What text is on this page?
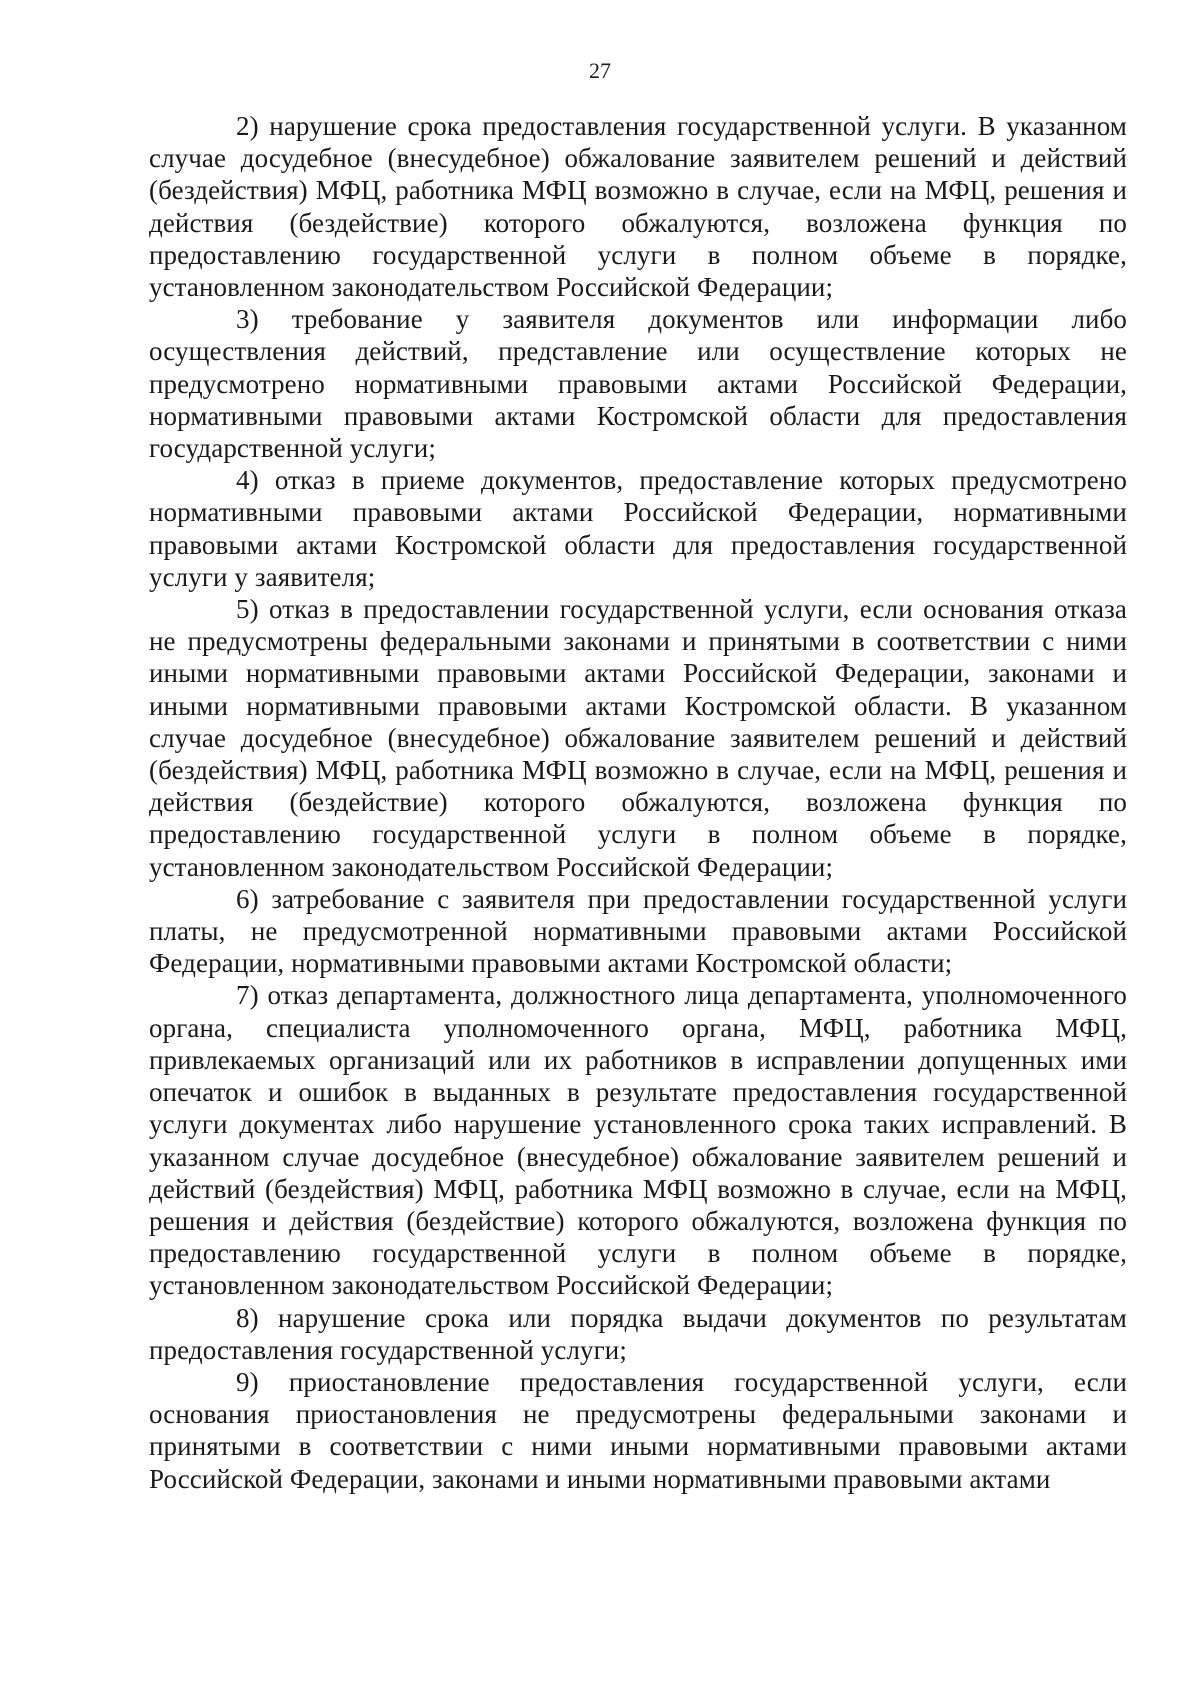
27

2) нарушение срока предоставления государственной услуги. В указанном случае досудебное (внесудебное) обжалование заявителем решений и действий (бездействия) МФЦ, работника МФЦ возможно в случае, если на МФЦ, решения и действия (бездействие) которого обжалуются, возложена функция по предоставлению государственной услуги в полном объеме в порядке, установленном законодательством Российской Федерации;

3) требование у заявителя документов или информации либо осуществления действий, представление или осуществление которых не предусмотрено нормативными правовыми актами Российской Федерации, нормативными правовыми актами Костромской области для предоставления государственной услуги;

4) отказ в приеме документов, предоставление которых предусмотрено нормативными правовыми актами Российской Федерации, нормативными правовыми актами Костромской области для предоставления государственной услуги у заявителя;

5) отказ в предоставлении государственной услуги, если основания отказа не предусмотрены федеральными законами и принятыми в соответствии с ними иными нормативными правовыми актами Российской Федерации, законами и иными нормативными правовыми актами Костромской области. В указанном случае досудебное (внесудебное) обжалование заявителем решений и действий (бездействия) МФЦ, работника МФЦ возможно в случае, если на МФЦ, решения и действия (бездействие) которого обжалуются, возложена функция по предоставлению государственной услуги в полном объеме в порядке, установленном законодательством Российской Федерации;

6) затребование с заявителя при предоставлении государственной услуги платы, не предусмотренной нормативными правовыми актами Российской Федерации, нормативными правовыми актами Костромской области;

7) отказ департамента, должностного лица департамента, уполномоченного органа, специалиста уполномоченного органа, МФЦ, работника МФЦ, привлекаемых организаций или их работников в исправлении допущенных ими опечаток и ошибок в выданных в результате предоставления государственной услуги документах либо нарушение установленного срока таких исправлений. В указанном случае досудебное (внесудебное) обжалование заявителем решений и действий (бездействия) МФЦ, работника МФЦ возможно в случае, если на МФЦ, решения и действия (бездействие) которого обжалуются, возложена функция по предоставлению государственной услуги в полном объеме в порядке, установленном законодательством Российской Федерации;

8) нарушение срока или порядка выдачи документов по результатам предоставления государственной услуги;

9) приостановление предоставления государственной услуги, если основания приостановления не предусмотрены федеральными законами и принятыми в соответствии с ними иными нормативными правовыми актами Российской Федерации, законами и иными нормативными правовыми актами
